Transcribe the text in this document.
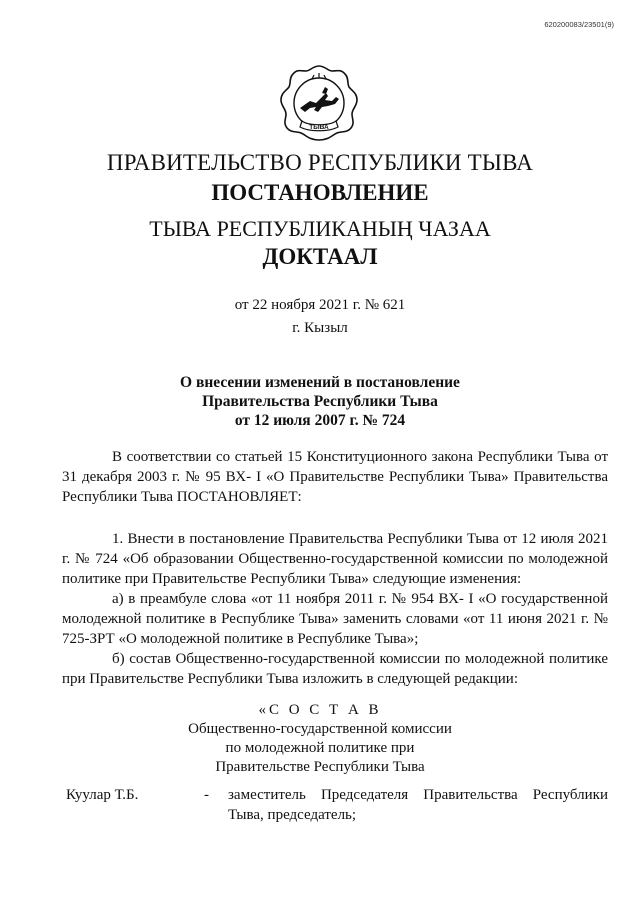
620200083/23501(9)
ТЫВА
ПРАВИТЕЛЬСТВО РЕСПУБЛИКИ ТЫВА
ПОСТАНОВЛЕНИЕ
ТЫВА РЕСПУБЛИКАНЫҢ ЧАЗАА
ДОКТААЛ
от 22 ноября 2021 г. № 621
г. Кызыл
О внесении изменений в постановление
Правительства Республики Тыва
от 12 июля 2007 г. № 724

В соответствии со статьей 15 Конституционного закона Республики Тыва от 31 декабря 2003 г. № 95 ВХ- I «О Правительстве Республики Тыва» Правительства Республики Тыва ПОСТАНОВЛЯЕТ:

1. Внести в постановление Правительства Республики Тыва от 12 июля 2021 г. № 724 «Об образовании Общественно-государственной комиссии по молодежной политике при Правительстве Республики Тыва» следующие изменения:

а) в преамбуле слова «от 11 ноября 2011 г. № 954 ВХ- I «О государственной молодежной политике в Республике Тыва» заменить словами «от 11 июня 2021 г. № 725-ЗРТ «О молодежной политике в Республике Тыва»;

б) состав Общественно-государственной комиссии по молодежной политике при Правительстве Республики Тыва изложить в следующей редакции:

«С О С Т А В
Общественно-государственной комиссии
по молодежной политике при
Правительстве Республики Тыва
Куулар Т.Б.	- заместитель Председателя Правительства Республики Тыва, председатель;
